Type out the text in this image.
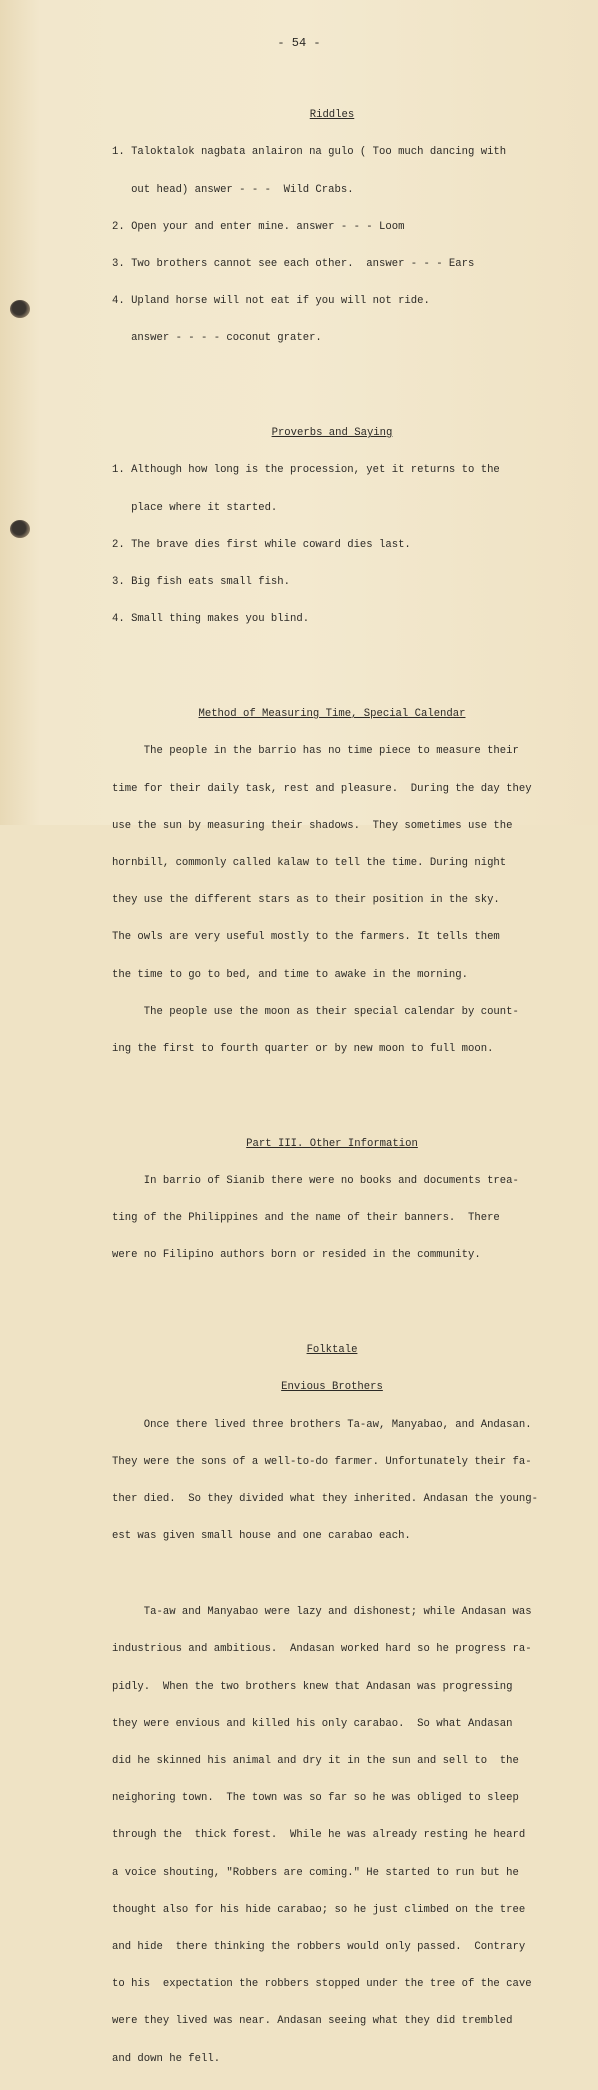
- 54 -

Riddles

1. Taloktalok nagbata anlairon na gulo ( Too much dancing with

out head) answer - - -  Wild Crabs.

2. Open your and enter mine. answer - - - Loom

3. Two brothers cannot see each other.  answer - - - Ears

4. Upland horse will not eat if you will not ride.

answer - - - - coconut grater.

Proverbs and Saying

1. Although how long is the procession, yet it returns to the

place where it started.

2. The brave dies first while coward dies last.

3. Big fish eats small fish.

4. Small thing makes you blind.

Method of Measuring Time, Special Calendar

The people in the barrio has no time piece to measure their

time for their daily task, rest and pleasure.  During the day they

use the sun by measuring their shadows.  They sometimes use the

hornbill, commonly called kalaw to tell the time. During night

they use the different stars as to their position in the sky.

The owls are very useful mostly to the farmers. It tells them

the time to go to bed, and time to awake in the morning.

The people use the moon as their special calendar by count-

ing the first to fourth quarter or by new moon to full moon.

Part III. Other Information

In barrio of Sianib there were no books and documents trea-

ting of the Philippines and the name of their banners.  There

were no Filipino authors born or resided in the community.

Folktale

Envious Brothers

Once there lived three brothers Ta-aw, Manyabao, and Andasan.

They were the sons of a well-to-do farmer. Unfortunately their fa-

ther died.  So they divided what they inherited. Andasan the young-

est was given small house and one carabao each.

Ta-aw and Manyabao were lazy and dishonest; while Andasan was

industrious and ambitious.  Andasan worked hard so he progress ra-

pidly.  When the two brothers knew that Andasan was progressing

they were envious and killed his only carabao.  So what Andasan

did he skinned his animal and dry it in the sun and sell to  the

neighoring town.  The town was so far so he was obliged to sleep

through the  thick forest.  While he was already resting he heard

a voice shouting, "Robbers are coming." He started to run but he

thought also for his hide carabao; so he just climbed on the tree

and hide  there thinking the robbers would only passed.  Contrary

to his  expectation the robbers stopped under the tree of the cave

were they lived was near. Andasan seeing what they did trembled

and down he fell.
